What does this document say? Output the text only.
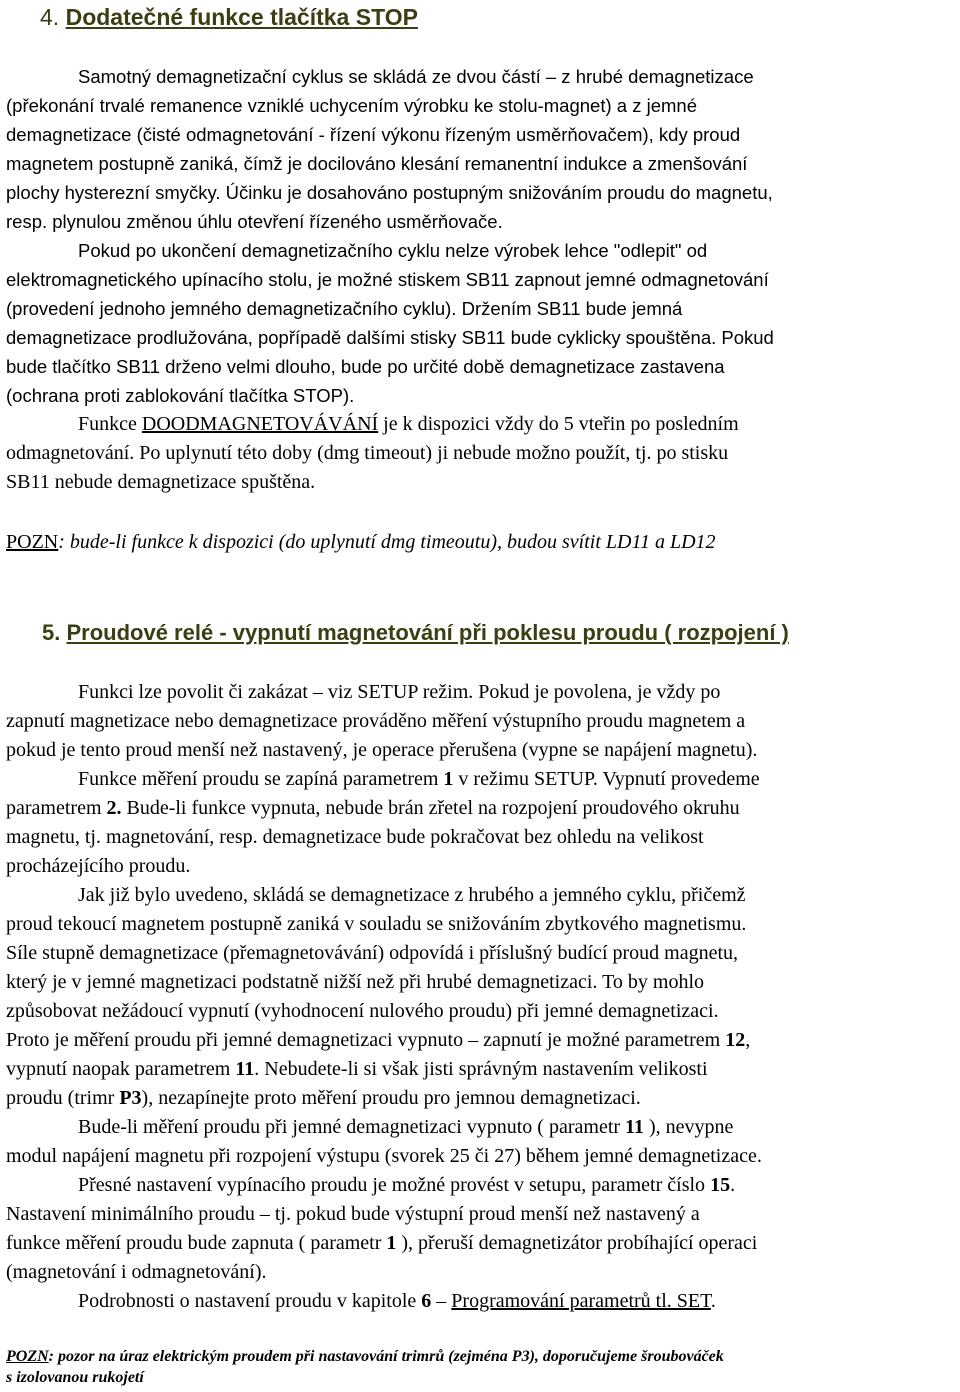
4. Dodatečné funkce tlačítka STOP
Samotný demagnetizační cyklus se skládá ze dvou částí – z hrubé demagnetizace
(překonání trvalé remanence vzniklé uchycením výrobku ke stolu-magnet) a z jemné
demagnetizace (čisté odmagnetování - řízení výkonu řízeným usměrňovačem), kdy proud
magnetem postupně zaniká, čímž je docilováno klesání remanentní indukce a zmenšování
plochy hysterezní smyčky. Účinku je dosahováno postupným snižováním proudu do magnetu,
resp. plynulou změnou úhlu otevření řízeného usměrňovače.
Pokud po ukončení demagnetizačního cyklu nelze výrobek lehce "odlepit" od
elektromagnetického upínacího stolu, je možné stiskem SB11 zapnout jemné odmagnetování
(provedení jednoho jemného demagnetizačního cyklu). Držením SB11 bude jemná
demagnetizace prodlužována, popřípadě dalšími stisky SB11 bude cyklicky spouštěna. Pokud
bude tlačítko SB11 drženo velmi dlouho, bude po určité době demagnetizace zastavena
(ochrana proti zablokování tlačítka STOP).
Funkce DOODMAGNETOVÁVÁNÍ je k dispozici vždy do 5 vteřin po posledním
odmagnetování. Po uplynutí této doby (dmg timeout) ji nebude možno použít, tj. po stisku
SB11 nebude demagnetizace spuštěna.
POZN: bude-li funkce k dispozici (do uplynutí dmg timeoutu), budou svítit LD11 a LD12
5. Proudové relé - vypnutí magnetování při poklesu proudu ( rozpojení )
Funkci lze povolit či zakázat – viz SETUP režim. Pokud je povolena, je vždy po
zapnutí magnetizace nebo demagnetizace prováděno měření výstupního proudu magnetem a
pokud je tento proud menší než nastavený, je operace přerušena (vypne se napájení magnetu).
Funkce měření proudu se zapíná parametrem 1 v režimu SETUP. Vypnutí provedeme
parametrem 2. Bude-li funkce vypnuta, nebude brán zřetel na rozpojení proudového okruhu
magnetu, tj. magnetování, resp. demagnetizace bude pokračovat bez ohledu na velikost
procházejícího proudu.
Jak již bylo uvedeno, skládá se demagnetizace z hrubého a jemného cyklu, přičemž
proud tekoucí magnetem postupně zaniká v souladu se snižováním zbytkového magnetismu.
Síle stupně demagnetizace (přemagnetovávání) odpovídá i příslušný budící proud magnetu,
který je v jemné magnetizaci podstatně nižší než při hrubé demagnetizaci. To by mohlo
způsobovat nežádoucí vypnutí (vyhodnocení nulového proudu) při jemné demagnetizaci.
Proto je měření proudu při jemné demagnetizaci vypnuto – zapnutí je možné parametrem 12,
vypnutí naopak parametrem 11. Nebudete-li si však jisti správným nastavením velikosti
proudu (trimr P3), nezapínejte proto měření proudu pro jemnou demagnetizaci.
Bude-li měření proudu při jemné demagnetizaci vypnuto ( parametr 11 ), nevypne
modul napájení magnetu při rozpojení výstupu (svorek 25 či 27) během jemné demagnetizace.
Přesné nastavení vypínacího proudu je možné provést v setupu, parametr číslo 15.
Nastavení minimálního proudu – tj. pokud bude výstupní proud menší než nastavený a
funkce měření proudu bude zapnuta ( parametr 1 ), přeruší demagnetizátor probíhající operaci
(magnetování i odmagnetování).
Podrobnosti o nastavení proudu v kapitole 6 – Programování parametrů tl. SET.
POZN: pozor na úraz elektrickým proudem při nastavování trimrů (zejména P3), doporučujeme šroubováček
s izolovanou rukojetí
